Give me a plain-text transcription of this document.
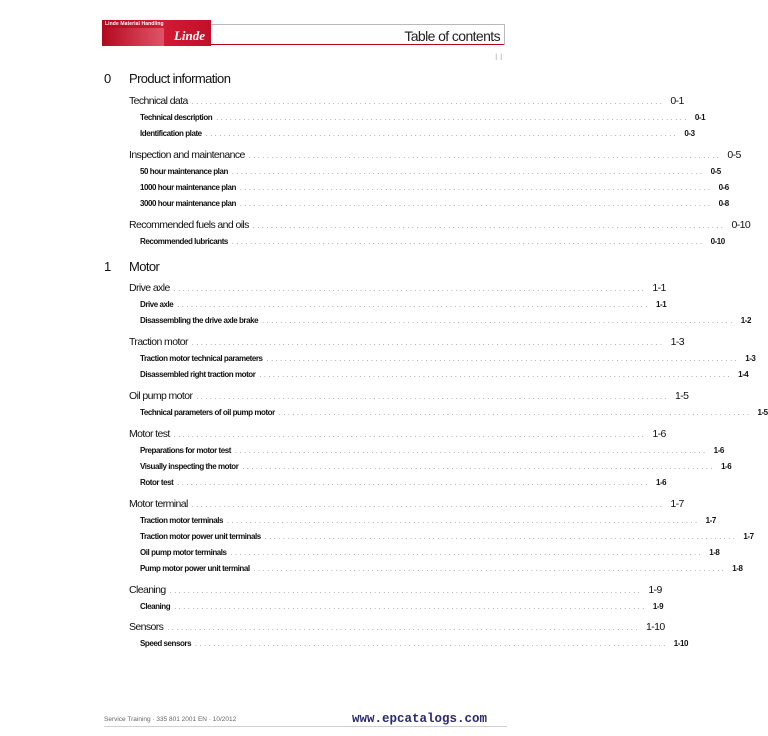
Linde Material Handling
Linde	Table of contents
I I
0 Product information
Technical data ........................................................................................................ 0-1
Technical description ........................................................................................................ 0-1
Identification plate ........................................................................................................ 0-3
Inspection and maintenance ........................................................................................................ 0-5
50 hour maintenance plan ........................................................................................................ 0-5
1000 hour maintenance plan ........................................................................................................ 0-6
3000 hour maintenance plan ........................................................................................................ 0-8
Recommended fuels and oils ........................................................................................................ 0-10
Recommended lubricants ........................................................................................................ 0-10
1 Motor
Drive axle ........................................................................................................ 1-1
Drive axle ........................................................................................................ 1-1
Disassembling the drive axle brake ........................................................................................................ 1-2
Traction motor ........................................................................................................ 1-3
Traction motor technical parameters ........................................................................................................ 1-3
Disassembled right traction motor ........................................................................................................ 1-4
Oil pump motor ........................................................................................................ 1-5
Technical parameters of oil pump motor ........................................................................................................ 1-5
Motor test ........................................................................................................ 1-6
Preparations for motor test ........................................................................................................ 1-6
Visually inspecting the motor ........................................................................................................ 1-6
Rotor test ........................................................................................................ 1-6
Motor terminal ........................................................................................................ 1-7
Traction motor terminals ........................................................................................................ 1-7
Traction motor power unit terminals ........................................................................................................ 1-7
Oil pump motor terminals ........................................................................................................ 1-8
Pump motor power unit terminal ........................................................................................................ 1-8
Cleaning ........................................................................................................ 1-9
Cleaning ........................................................................................................ 1-9
Sensors ........................................................................................................ 1-10
Speed sensors ........................................................................................................ 1-10
Service Training · 335 801 2001 EN · 10/2012	www.epcatalogs.com
